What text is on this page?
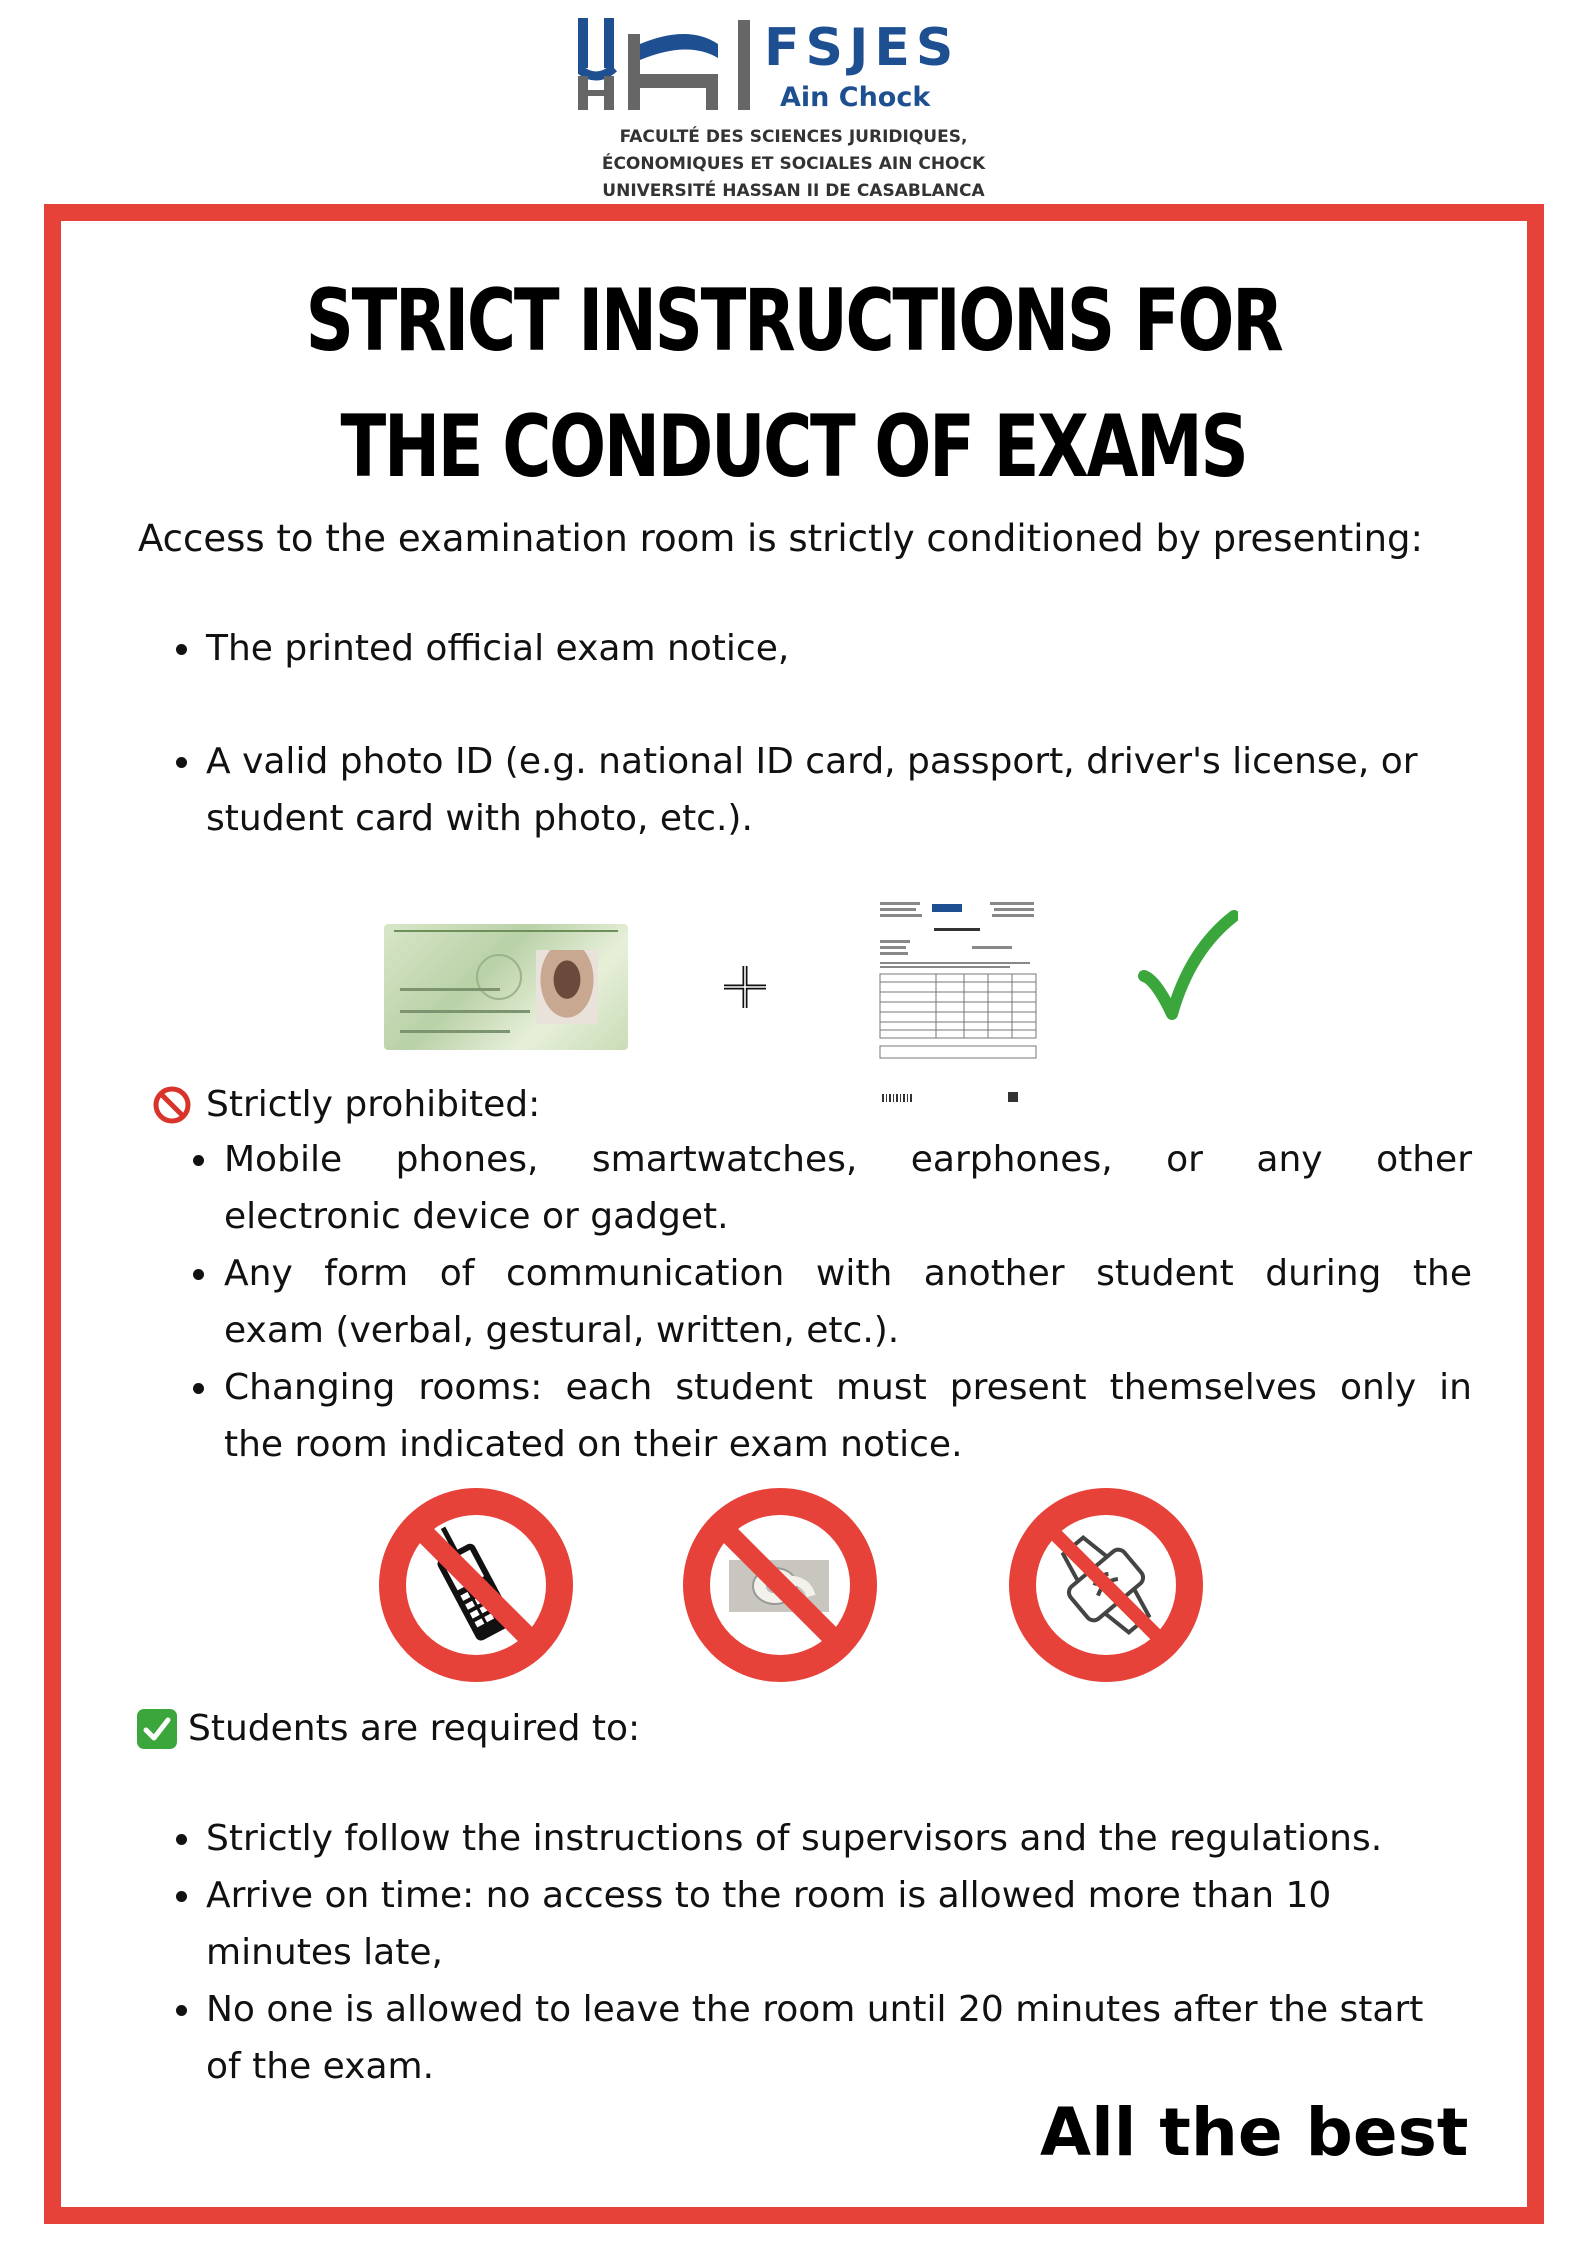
FSJES
Ain Chock
FACULTÉ DES SCIENCES JURIDIQUES,
ÉCONOMIQUES ET SOCIALES AIN CHOCK
UNIVERSITÉ HASSAN II DE CASABLANCA
STRICT INSTRUCTIONS FOR
THE CONDUCT OF EXAMS
Access to the examination room is strictly conditioned by presenting:
The printed official exam notice,
A valid photo ID (e.g. national ID card, passport, driver's license, or
student card with photo, etc.).
Strictly prohibited:
Mobile phones, smartwatches, earphones, or any other
electronic device or gadget.
Any form of communication with another student during the
exam (verbal, gestural, written, etc.).
Changing rooms: each student must present themselves only in
the room indicated on their exam notice.
Students are required to:
Strictly follow the instructions of supervisors and the regulations.
Arrive on time: no access to the room is allowed more than 10
minutes late,
No one is allowed to leave the room until 20 minutes after the start
of the exam.
All the best
